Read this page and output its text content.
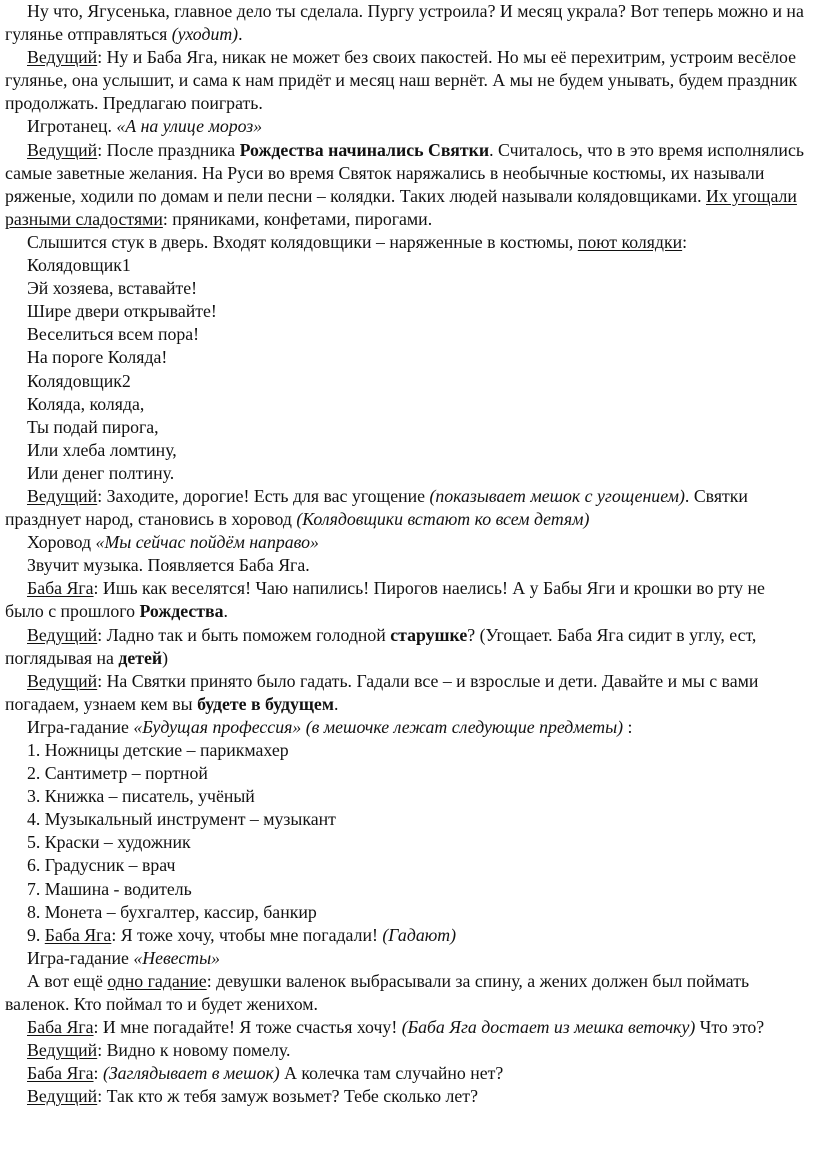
Ну что, Ягусенька, главное дело ты сделала. Пургу устроила? И месяц украла? Вот теперь можно и на гулянье отправляться (уходит).

Ведущий: Ну и Баба Яга, никак не может без своих пакостей. Но мы её перехитрим, устроим весёлое гулянье, она услышит, и сама к нам придёт и месяц наш вернёт. А мы не будем унывать, будем праздник продолжать. Предлагаю поиграть.

Игротанец. «А на улице мороз»

Ведущий: После праздника Рождества начинались Святки. Считалось, что в это время исполнялись самые заветные желания. На Руси во время Святок наряжались в необычные костюмы, их называли ряженые, ходили по домам и пели песни – колядки. Таких людей называли колядовщиками. Их угощали разными сладостями: пряниками, конфетами, пирогами.

Слышится стук в дверь. Входят колядовщики – наряженные в костюмы, поют колядки:

Колядовщик1

Эй хозяева, вставайте!

Шире двери открывайте!

Веселиться всем пора!

На пороге Коляда!

Колядовщик2

Коляда, коляда,

Ты подай пирога,

Или хлеба ломтину,

Или денег полтину.

Ведущий: Заходите, дорогие! Есть для вас угощение (показывает мешок с угощением). Святки празднует народ, становись в хоровод (Колядовщики встают ко всем детям)

Хоровод «Мы сейчас пойдём направо»

Звучит музыка. Появляется Баба Яга.

Баба Яга: Ишь как веселятся! Чаю напились! Пирогов наелись! А у Бабы Яги и крошки во рту не было с прошлого Рождества.

Ведущий: Ладно так и быть поможем голодной старушке? (Угощает. Баба Яга сидит в углу, ест, поглядывая на детей)

Ведущий: На Святки принято было гадать. Гадали все – и взрослые и дети. Давайте и мы с вами погадаем, узнаем кем вы будете в будущем.

Игра-гадание «Будущая профессия» (в мешочке лежат следующие предметы) :

1. Ножницы детские – парикмахер

2. Сантиметр – портной

3. Книжка – писатель, учёный

4. Музыкальный инструмент – музыкант

5. Краски – художник

6. Градусник – врач

7. Машина - водитель

8. Монета – бухгалтер, кассир, банкир

9. Баба Яга: Я тоже хочу, чтобы мне погадали! (Гадают)

Игра-гадание «Невесты»

А вот ещё одно гадание: девушки валенок выбрасывали за спину, а жених должен был поймать валенок. Кто поймал то и будет женихом.

Баба Яга: И мне погадайте! Я тоже счастья хочу! (Баба Яга достает из мешка веточку) Что это?

Ведущий: Видно к новому помелу.

Баба Яга: (Заглядывает в мешок) А колечка там случайно нет?

Ведущий: Так кто ж тебя замуж возьмет? Тебе сколько лет?
